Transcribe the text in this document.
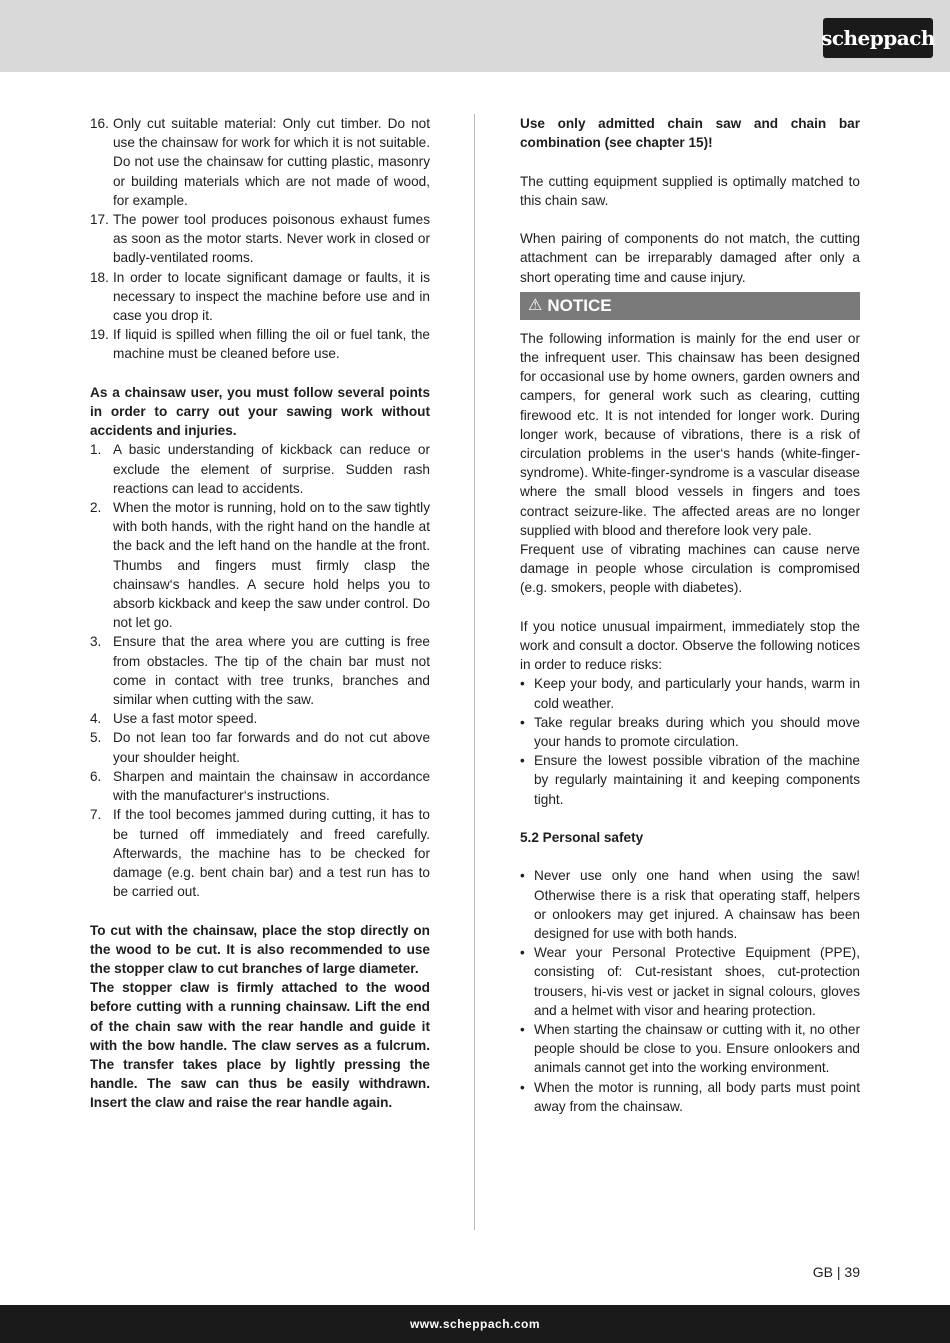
scheppach
16. Only cut suitable material: Only cut timber. Do not use the chainsaw for work for which it is not suitable. Do not use the chainsaw for cutting plastic, masonry or building materials which are not made of wood, for example.
17. The power tool produces poisonous exhaust fumes as soon as the motor starts. Never work in closed or badly-ventilated rooms.
18. In order to locate significant damage or faults, it is necessary to inspect the machine before use and in case you drop it.
19. If liquid is spilled when filling the oil or fuel tank, the machine must be cleaned before use.

As a chainsaw user, you must follow several points in order to carry out your sawing work without accidents and injuries.

1. A basic understanding of kickback can reduce or exclude the element of surprise. Sudden rash reactions can lead to accidents.
2. When the motor is running, hold on to the saw tightly with both hands, with the right hand on the handle at the back and the left hand on the handle at the front. Thumbs and fingers must firmly clasp the chainsaw‘s handles. A secure hold helps you to absorb kickback and keep the saw under control. Do not let go.
3. Ensure that the area where you are cutting is free from obstacles. The tip of the chain bar must not come in contact with tree trunks, branches and similar when cutting with the saw.
4. Use a fast motor speed.
5. Do not lean too far forwards and do not cut above your shoulder height.
6. Sharpen and maintain the chainsaw in accordance with the manufacturer‘s instructions.
7. If the tool becomes jammed during cutting, it has to be turned off immediately and freed carefully. Afterwards, the machine has to be checked for damage (e.g. bent chain bar) and a test run has to be carried out.

To cut with the chainsaw, place the stop directly on the wood to be cut. It is also recommended to use the stopper claw to cut branches of large diameter.

The stopper claw is firmly attached to the wood before cutting with a running chainsaw. Lift the end of the chain saw with the rear handle and guide it with the bow handle. The claw serves as a fulcrum. The transfer takes place by lightly pressing the handle. The saw can thus be easily withdrawn. Insert the claw and raise the rear handle again.

Use only admitted chain saw and chain bar combination (see chapter 15)!

The cutting equipment supplied is optimally matched to this chain saw.

When pairing of components do not match, the cutting attachment can be irreparably damaged after only a short operating time and cause injury.

⚠ NOTICE

The following information is mainly for the end user or the infrequent user. This chainsaw has been designed for occasional use by home owners, garden owners and campers, for general work such as clearing, cutting firewood etc. It is not intended for longer work. During longer work, because of vibrations, there is a risk of circulation problems in the user‘s hands (white-finger-syndrome). White-finger-syndrome is a vascular disease where the small blood vessels in fingers and toes contract seizure-like. The affected areas are no longer supplied with blood and therefore look very pale.

Frequent use of vibrating machines can cause nerve damage in people whose circulation is compromised (e.g. smokers, people with diabetes).

If you notice unusual impairment, immediately stop the work and consult a doctor. Observe the following notices in order to reduce risks:

• Keep your body, and particularly your hands, warm in cold weather.
• Take regular breaks during which you should move your hands to promote circulation.
• Ensure the lowest possible vibration of the machine by regularly maintaining it and keeping components tight.

5.2 Personal safety

• Never use only one hand when using the saw! Otherwise there is a risk that operating staff, helpers or onlookers may get injured. A chainsaw has been designed for use with both hands.
• Wear your Personal Protective Equipment (PPE), consisting of: Cut-resistant shoes, cut-protection trousers, hi-vis vest or jacket in signal colours, gloves and a helmet with visor and hearing protection.
• When starting the chainsaw or cutting with it, no other people should be close to you. Ensure onlookers and animals cannot get into the working environment.
• When the motor is running, all body parts must point away from the chainsaw.
GB | 39
www.scheppach.com
